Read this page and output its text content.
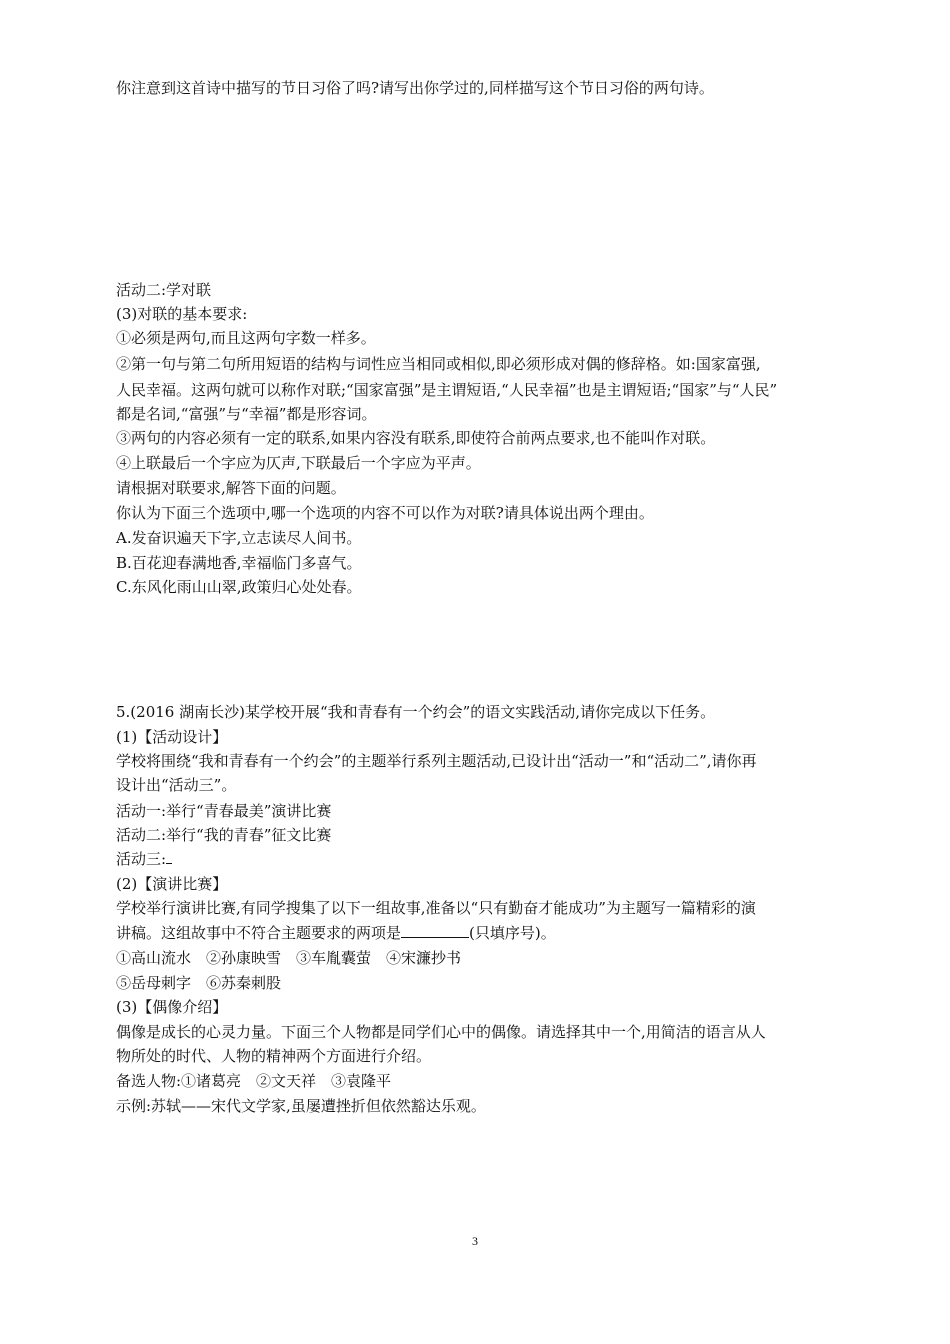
你注意到这首诗中描写的节日习俗了吗?请写出你学过的,同样描写这个节日习俗的两句诗。

活动二:学对联

(3)对联的基本要求:

①必须是两句,而且这两句字数一样多。

②第一句与第二句所用短语的结构与词性应当相同或相似,即必须形成对偶的修辞格。如:国家富强,

人民幸福。这两句就可以称作对联;“国家富强”是主谓短语,“人民幸福”也是主谓短语;“国家”与“人民”

都是名词,“富强”与“幸福”都是形容词。

③两句的内容必须有一定的联系,如果内容没有联系,即使符合前两点要求,也不能叫作对联。

④上联最后一个字应为仄声,下联最后一个字应为平声。

请根据对联要求,解答下面的问题。

你认为下面三个选项中,哪一个选项的内容不可以作为对联?请具体说出两个理由。

A.发奋识遍天下字,立志读尽人间书。

B.百花迎春满地香,幸福临门多喜气。

C.东风化雨山山翠,政策归心处处春。

5.(2016 湖南长沙)某学校开展“我和青春有一个约会”的语文实践活动,请你完成以下任务。

(1)【活动设计】

学校将围绕“我和青春有一个约会”的主题举行系列主题活动,已设计出“活动一”和“活动二”,请你再

设计出“活动三”。

活动一:举行“青春最美”演讲比赛

活动二:举行“我的青春”征文比赛

活动三:

(2)【演讲比赛】

学校举行演讲比赛,有同学搜集了以下一组故事,准备以“只有勤奋才能成功”为主题写一篇精彩的演

讲稿。这组故事中不符合主题要求的两项是	(只填序号)。

①高山流水　②孙康映雪　③车胤囊萤　④宋濂抄书

⑤岳母刺字　⑥苏秦刺股

(3)【偶像介绍】

偶像是成长的心灵力量。下面三个人物都是同学们心中的偶像。请选择其中一个,用简洁的语言从人

物所处的时代、人物的精神两个方面进行介绍。

备选人物:①诸葛亮　②文天祥　③袁隆平

示例:苏轼——宋代文学家,虽屡遭挫折但依然豁达乐观。

3
